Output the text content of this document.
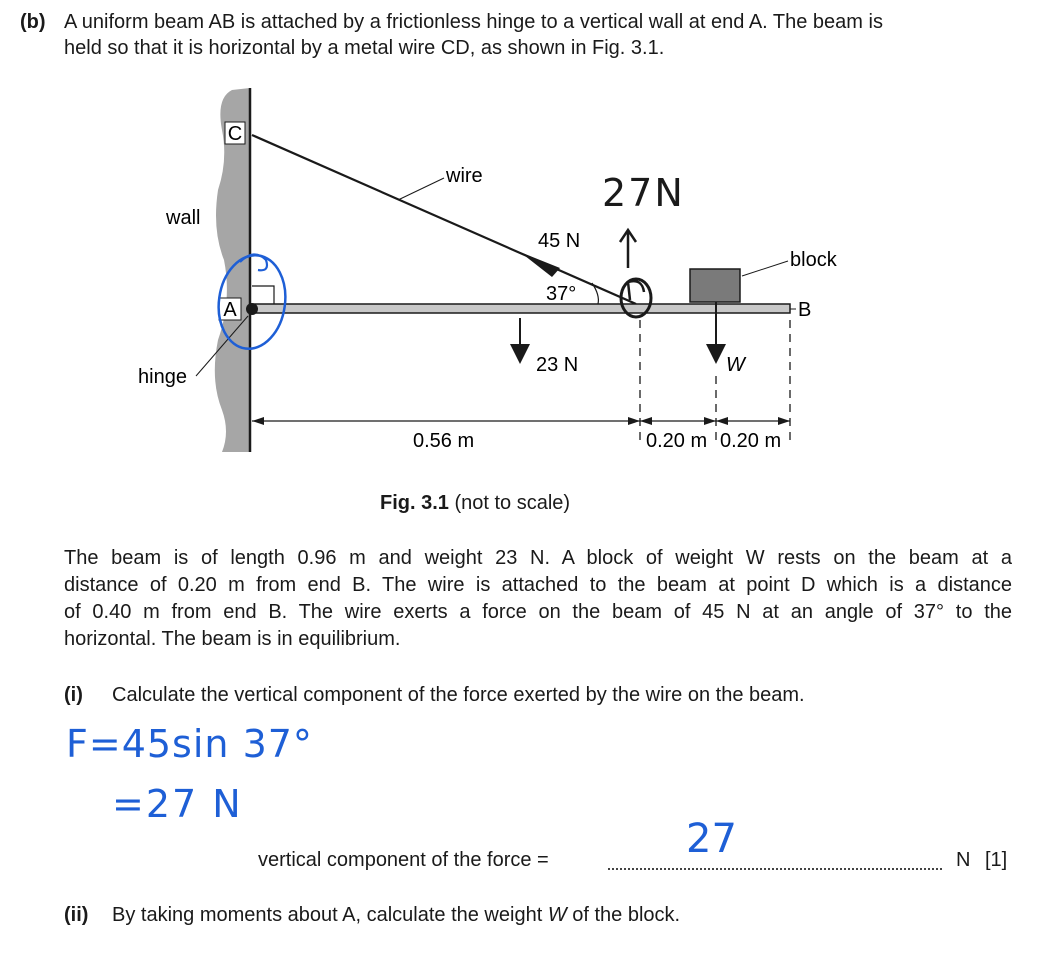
(b) A uniform beam AB is attached by a frictionless hinge to a vertical wall at end A. The beam is
held so that it is horizontal by a metal wire CD, as shown in Fig. 3.1.
C
A
wall
hinge
wire
45 N
37°
block
B
23 N	W
0.56 m	0.20 m 0.20 m
27N
Fig. 3.1 (not to scale)
The beam is of length 0.96 m and weight 23 N. A block of weight W rests on the beam at a
distance of 0.20 m from end B. The wire is attached to the beam at point D which is a distance
of 0.40 m from end B. The wire exerts a force on the beam of 45 N at an angle of 37° to the
horizontal. The beam is in equilibrium.
(i) Calculate the vertical component of the force exerted by the wire on the beam.
F=45sin 37°
=27 N
vertical component of the force =	27	N [1]
(ii) By taking moments about A, calculate the weight W of the block.
